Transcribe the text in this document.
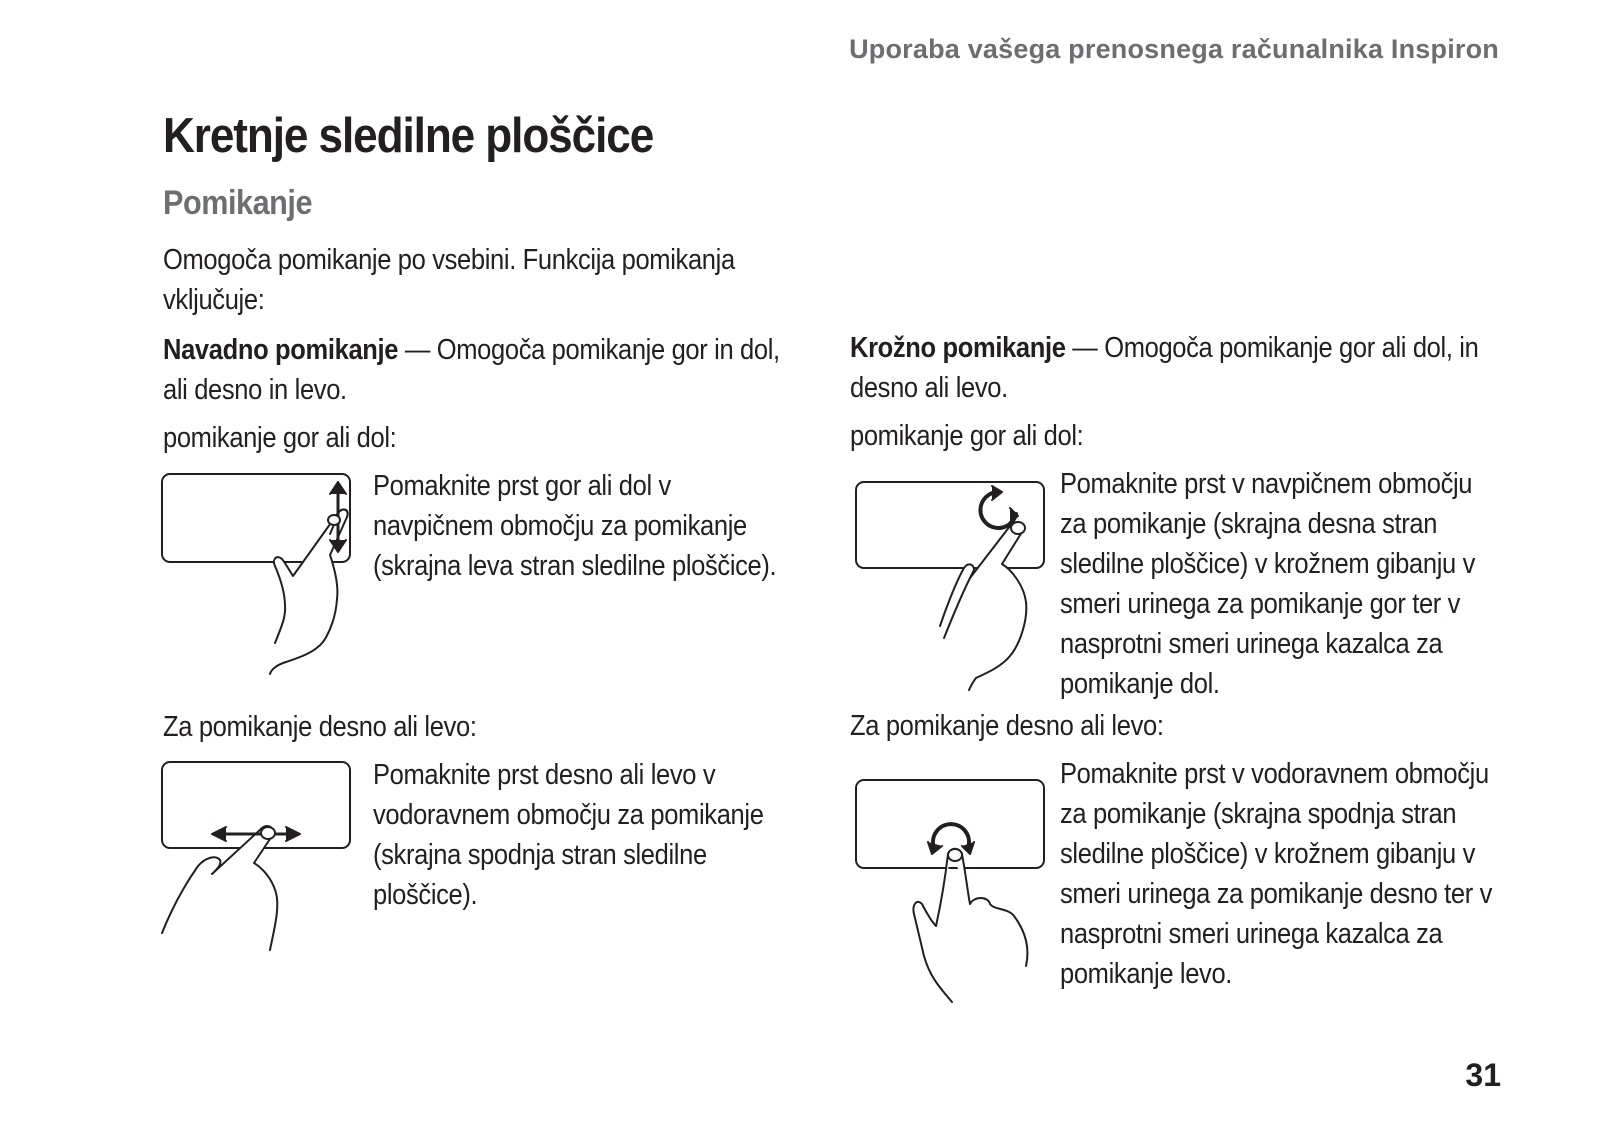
Uporaba vašega prenosnega računalnika Inspiron
Kretnje sledilne ploščice
Pomikanje
Omogoča pomikanje po vsebini. Funkcija pomikanja vključuje:
Navadno pomikanje — Omogoča pomikanje gor in dol, ali desno in levo.
pomikanje gor ali dol:
Pomaknite prst gor ali dol v navpičnem območju za pomikanje (skrajna leva stran sledilne ploščice).
Za pomikanje desno ali levo:
Pomaknite prst desno ali levo v vodoravnem območju za pomikanje (skrajna spodnja stran sledilne ploščice).
Krožno pomikanje — Omogoča pomikanje gor ali dol, in desno ali levo.
pomikanje gor ali dol:
Pomaknite prst v navpičnem območju za pomikanje (skrajna desna stran sledilne ploščice) v krožnem gibanju v smeri urinega za pomikanje gor ter v nasprotni smeri urinega kazalca za pomikanje dol.
Za pomikanje desno ali levo:
Pomaknite prst v vodoravnem območju za pomikanje (skrajna spodnja stran sledilne ploščice) v krožnem gibanju v smeri urinega za pomikanje desno ter v nasprotni smeri urinega kazalca za pomikanje levo.
31
